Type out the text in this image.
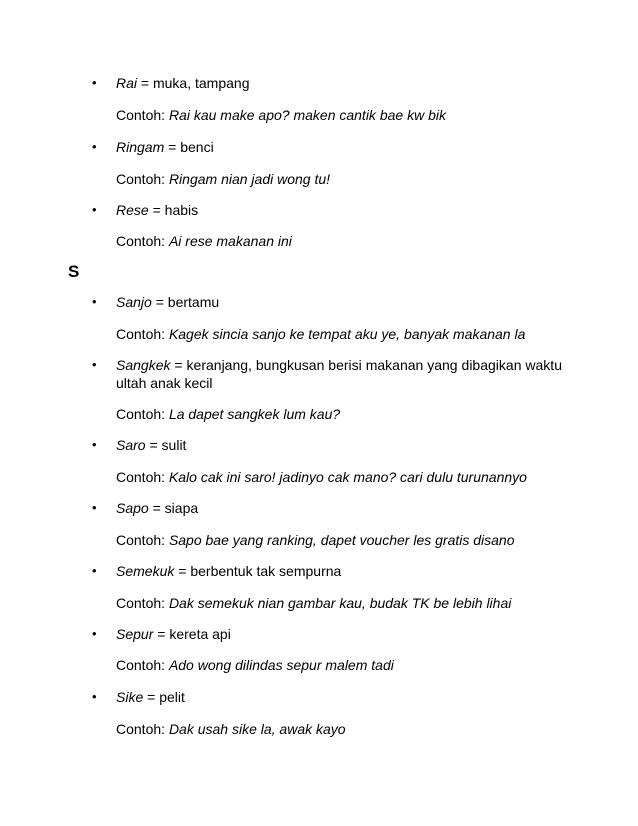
• Rai = muka, tampang
Contoh: Rai kau make apo? maken cantik bae kw bik
• Ringam = benci
Contoh: Ringam nian jadi wong tu!
• Rese = habis
Contoh: Ai rese makanan ini
S
• Sanjo = bertamu
Contoh: Kagek sincia sanjo ke tempat aku ye, banyak makanan la
• Sangkek = keranjang, bungkusan berisi makanan yang dibagikan waktu ultah anak kecil
Contoh: La dapet sangkek lum kau?
• Saro = sulit
Contoh: Kalo cak ini saro! jadinyo cak mano? cari dulu turunannyo
• Sapo = siapa
Contoh: Sapo bae yang ranking, dapet voucher les gratis disano
• Semekuk = berbentuk tak sempurna
Contoh: Dak semekuk nian gambar kau, budak TK be lebih lihai
• Sepur = kereta api
Contoh: Ado wong dilindas sepur malem tadi
• Sike = pelit
Contoh: Dak usah sike la, awak kayo
